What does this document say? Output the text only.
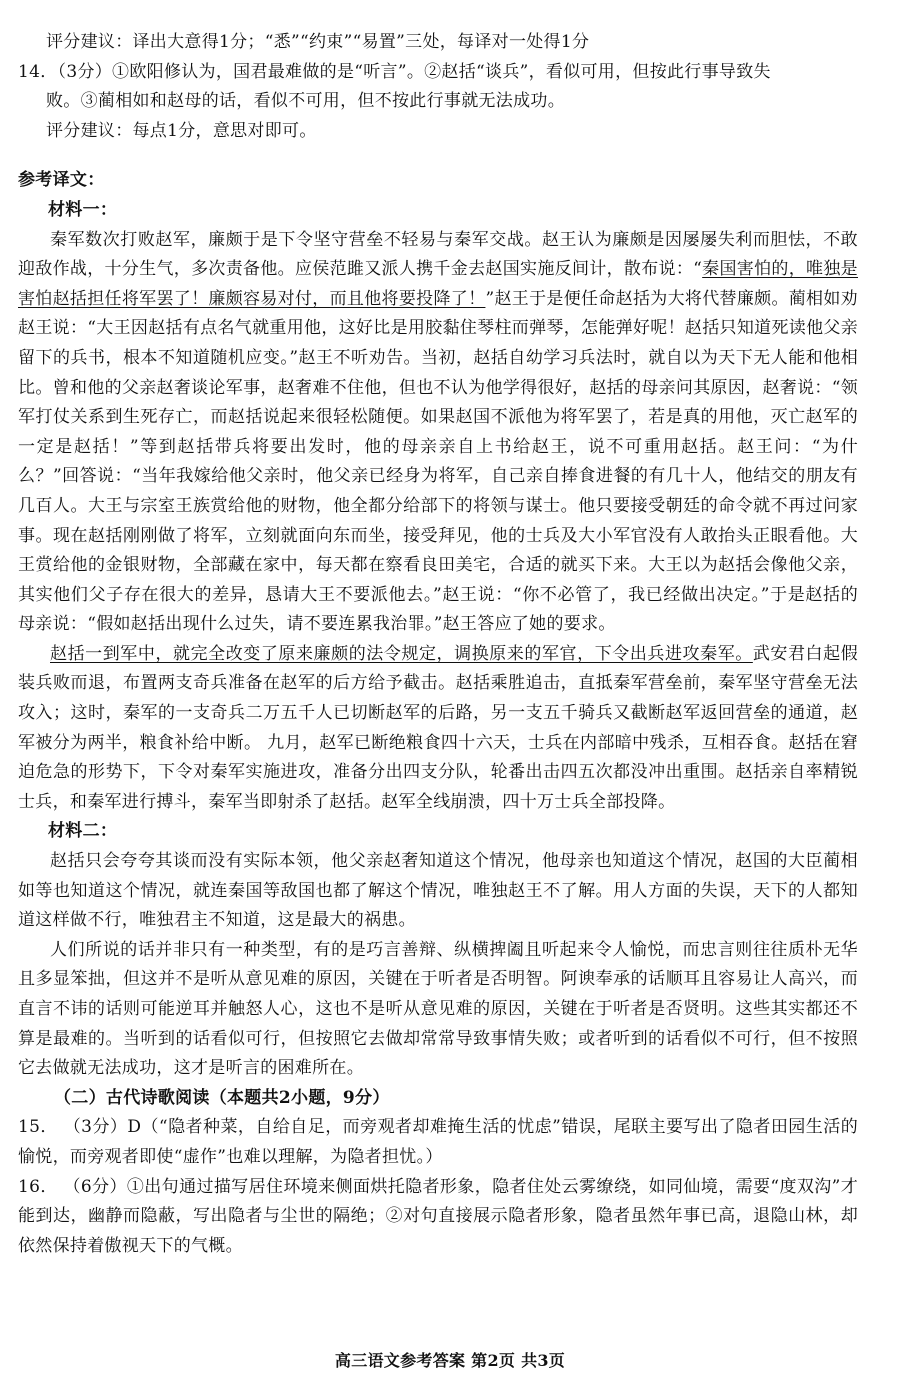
评分建议：译出大意得1分；“悉”“约束”“易置”三处，每译对一处得1分

14．（3分）①欧阳修认为，国君最难做的是“听言”。②赵括“谈兵”，看似可用，但按此行事导致失

败。③蔺相如和赵母的话，看似不可用，但不按此行事就无法成功。

评分建议：每点1分，意思对即可。

参考译文：

材料一：

秦军数次打败赵军，廉颇于是下令坚守营垒不轻易与秦军交战。赵王认为廉颇是因屡屡失利而胆怯，不敢迎敌作战，十分生气，多次责备他。应侯范雎又派人携千金去赵国实施反间计，散布说：“秦国害怕的，唯独是害怕赵括担任将军罢了！廉颇容易对付，而且他将要投降了！”赵王于是便任命赵括为大将代替廉颇。蔺相如劝赵王说：“大王因赵括有点名气就重用他，这好比是用胶黏住琴柱而弹琴，怎能弹好呢！赵括只知道死读他父亲留下的兵书，根本不知道随机应变。”赵王不听劝告。当初，赵括自幼学习兵法时，就自以为天下无人能和他相比。曾和他的父亲赵奢谈论军事，赵奢难不住他，但也不认为他学得很好，赵括的母亲问其原因，赵奢说：“领军打仗关系到生死存亡，而赵括说起来很轻松随便。如果赵国不派他为将军罢了，若是真的用他，灭亡赵军的一定是赵括！”等到赵括带兵将要出发时，他的母亲亲自上书给赵王，说不可重用赵括。赵王问：“为什么？”回答说：“当年我嫁给他父亲时，他父亲已经身为将军，自己亲自捧食进餐的有几十人，他结交的朋友有几百人。大王与宗室王族赏给他的财物，他全都分给部下的将领与谋士。他只要接受朝廷的命令就不再过问家事。现在赵括刚刚做了将军，立刻就面向东而坐，接受拜见，他的士兵及大小军官没有人敢抬头正眼看他。大王赏给他的金银财物，全部藏在家中，每天都在察看良田美宅，合适的就买下来。大王以为赵括会像他父亲，其实他们父子存在很大的差异，恳请大王不要派他去。”赵王说：“你不必管了，我已经做出决定。”于是赵括的母亲说：“假如赵括出现什么过失，请不要连累我治罪。”赵王答应了她的要求。

赵括一到军中，就完全改变了原来廉颇的法令规定，调换原来的军官，下令出兵进攻秦军。武安君白起假装兵败而退，布置两支奇兵准备在赵军的后方给予截击。赵括乘胜追击，直抵秦军营垒前，秦军坚守营垒无法攻入；这时，秦军的一支奇兵二万五千人已切断赵军的后路，另一支五千骑兵又截断赵军返回营垒的通道，赵军被分为两半，粮食补给中断。 九月，赵军已断绝粮食四十六天，士兵在内部暗中残杀，互相吞食。赵括在窘迫危急的形势下，下令对秦军实施进攻，准备分出四支分队，轮番出击四五次都没冲出重围。赵括亲自率精锐士兵，和秦军进行搏斗，秦军当即射杀了赵括。赵军全线崩溃，四十万士兵全部投降。

材料二：

赵括只会夸夸其谈而没有实际本领，他父亲赵奢知道这个情况，他母亲也知道这个情况，赵国的大臣蔺相如等也知道这个情况，就连秦国等敌国也都了解这个情况，唯独赵王不了解。用人方面的失误，天下的人都知道这样做不行，唯独君主不知道，这是最大的祸患。

人们所说的话并非只有一种类型，有的是巧言善辩、纵横捭阖且听起来令人愉悦，而忠言则往往质朴无华且多显笨拙，但这并不是听从意见难的原因，关键在于听者是否明智。阿谀奉承的话顺耳且容易让人高兴，而直言不讳的话则可能逆耳并触怒人心，这也不是听从意见难的原因，关键在于听者是否贤明。这些其实都还不算是最难的。当听到的话看似可行，但按照它去做却常常导致事情失败；或者听到的话看似不可行，但不按照它去做就无法成功，这才是听言的困难所在。

（二）古代诗歌阅读（本题共2小题，9分）

15． （3分）D（“隐者种菜，自给自足，而旁观者却难掩生活的忧虑”错误，尾联主要写出了隐者田园生活的愉悦，而旁观者即使“虚作”也难以理解，为隐者担忧。）

16． （6分）①出句通过描写居住环境来侧面烘托隐者形象，隐者住处云雾缭绕，如同仙境，需要“度双沟”才能到达，幽静而隐蔽，写出隐者与尘世的隔绝；②对句直接展示隐者形象，隐者虽然年事已高，退隐山林，却依然保持着傲视天下的气概。

高三语文参考答案 第2页 共3页
